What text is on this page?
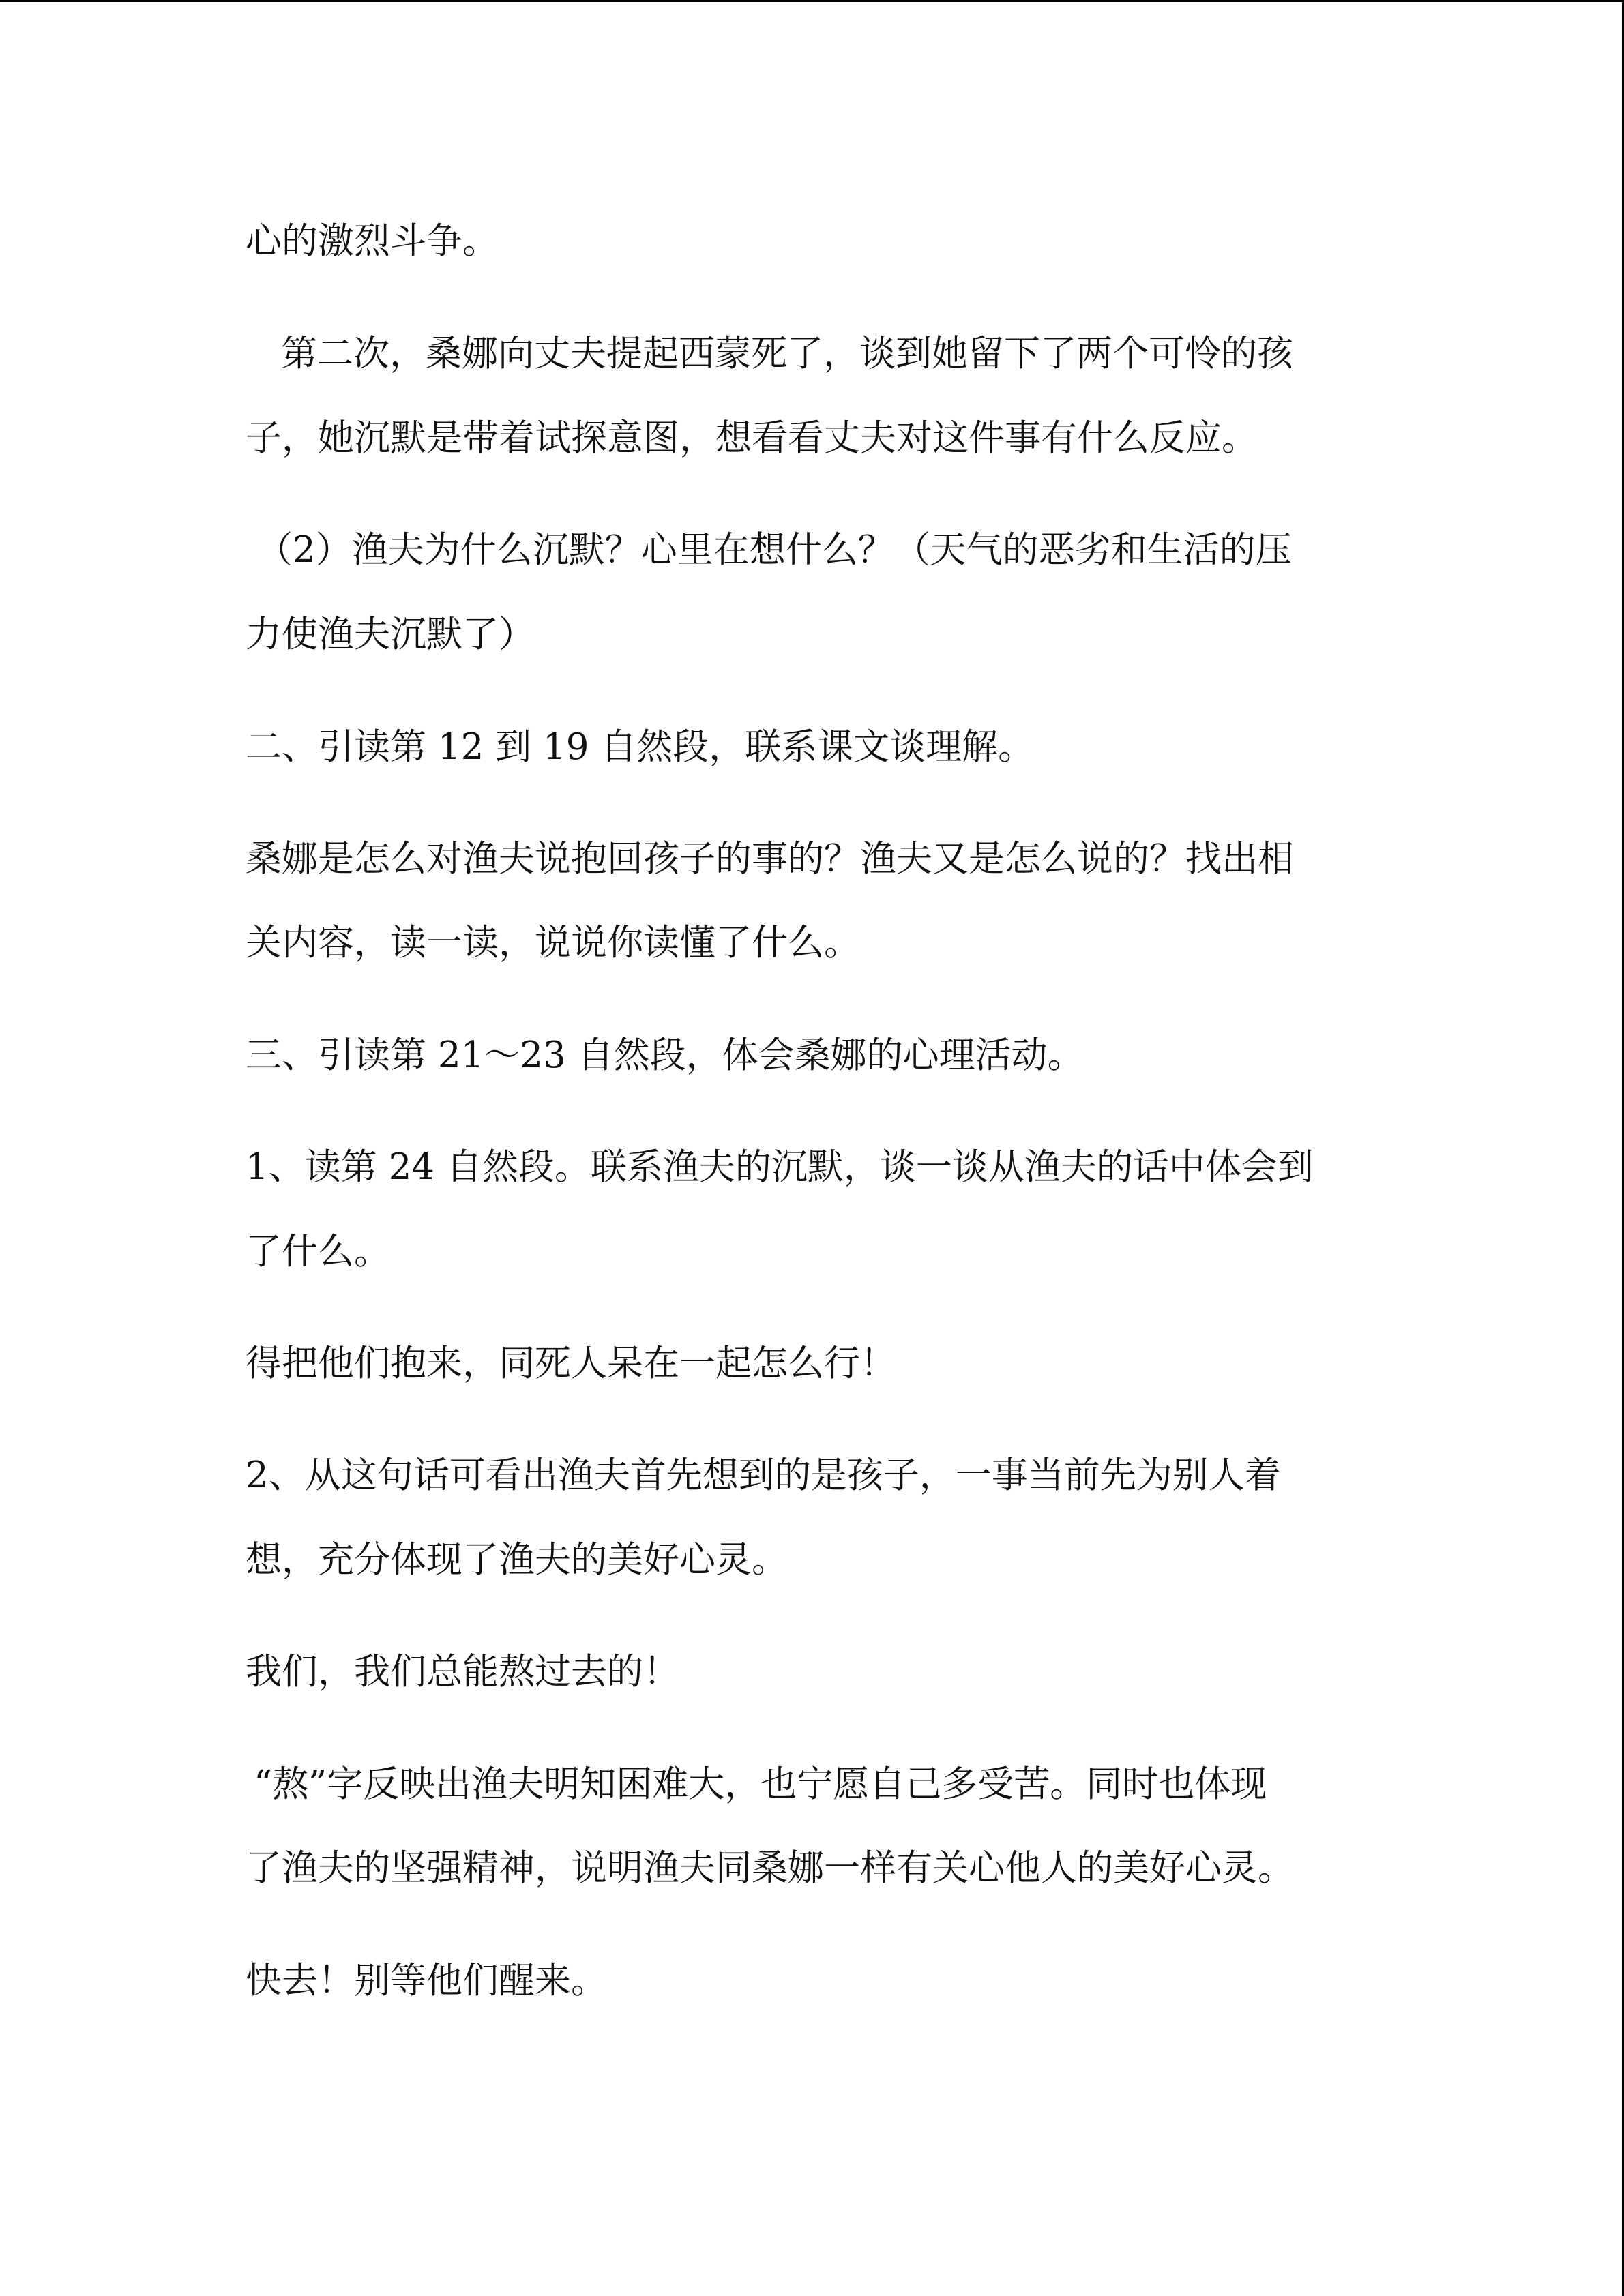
心的激烈斗争。
第二次，桑娜向丈夫提起西蒙死了，谈到她留下了两个可怜的孩
子，她沉默是带着试探意图，想看看丈夫对这件事有什么反应。
（2）渔夫为什么沉默？心里在想什么？（天气的恶劣和生活的压
力使渔夫沉默了）
二、引读第 12 到 19 自然段，联系课文谈理解。
桑娜是怎么对渔夫说抱回孩子的事的？渔夫又是怎么说的？找出相
关内容，读一读，说说你读懂了什么。
三、引读第 21～23 自然段，体会桑娜的心理活动。
1、读第 24 自然段。联系渔夫的沉默，谈一谈从渔夫的话中体会到
了什么。
得把他们抱来，同死人呆在一起怎么行！
2、从这句话可看出渔夫首先想到的是孩子，一事当前先为别人着
想，充分体现了渔夫的美好心灵。
我们，我们总能熬过去的！
“熬”字反映出渔夫明知困难大，也宁愿自己多受苦。同时也体现
了渔夫的坚强精神，说明渔夫同桑娜一样有关心他人的美好心灵。
快去！别等他们醒来。
